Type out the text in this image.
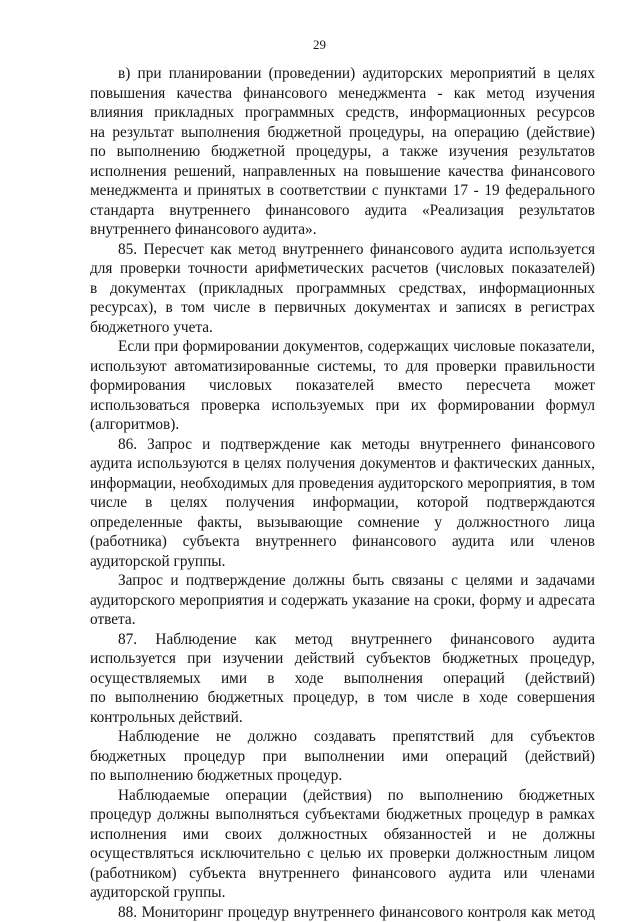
29
в) при планировании (проведении) аудиторских мероприятий в целях
повышения качества финансового менеджмента - как метод изучения
влияния прикладных программных средств, информационных ресурсов
на результат выполнения бюджетной процедуры, на операцию (действие)
по выполнению бюджетной процедуры, а также изучения результатов
исполнения решений, направленных на повышение качества финансового
менеджмента и принятых в соответствии с пунктами 17 - 19 федерального
стандарта внутреннего финансового аудита «Реализация результатов
внутреннего финансового аудита».
85. Пересчет как метод внутреннего финансового аудита используется
для проверки точности арифметических расчетов (числовых показателей)
в документах (прикладных программных средствах, информационных
ресурсах), в том числе в первичных документах и записях в регистрах
бюджетного учета.
Если при формировании документов, содержащих числовые показатели,
используют автоматизированные системы, то для проверки правильности
формирования числовых показателей вместо пересчета может
использоваться проверка используемых при их формировании формул
(алгоритмов).
86. Запрос и подтверждение как методы внутреннего финансового
аудита используются в целях получения документов и фактических данных,
информации, необходимых для проведения аудиторского мероприятия, в том
числе в целях получения информации, которой подтверждаются
определенные факты, вызывающие сомнение у должностного лица
(работника) субъекта внутреннего финансового аудита или членов
аудиторской группы.
Запрос и подтверждение должны быть связаны с целями и задачами
аудиторского мероприятия и содержать указание на сроки, форму и адресата
ответа.
87. Наблюдение как метод внутреннего финансового аудита
используется при изучении действий субъектов бюджетных процедур,
осуществляемых ими в ходе выполнения операций (действий)
по выполнению бюджетных процедур, в том числе в ходе совершения
контрольных действий.
Наблюдение не должно создавать препятствий для субъектов
бюджетных процедур при выполнении ими операций (действий)
по выполнению бюджетных процедур.
Наблюдаемые операции (действия) по выполнению бюджетных
процедур должны выполняться субъектами бюджетных процедур в рамках
исполнения ими своих должностных обязанностей и не должны
осуществляться исключительно с целью их проверки должностным лицом
(работником) субъекта внутреннего финансового аудита или членами
аудиторской группы.
88. Мониторинг процедур внутреннего финансового контроля как метод
